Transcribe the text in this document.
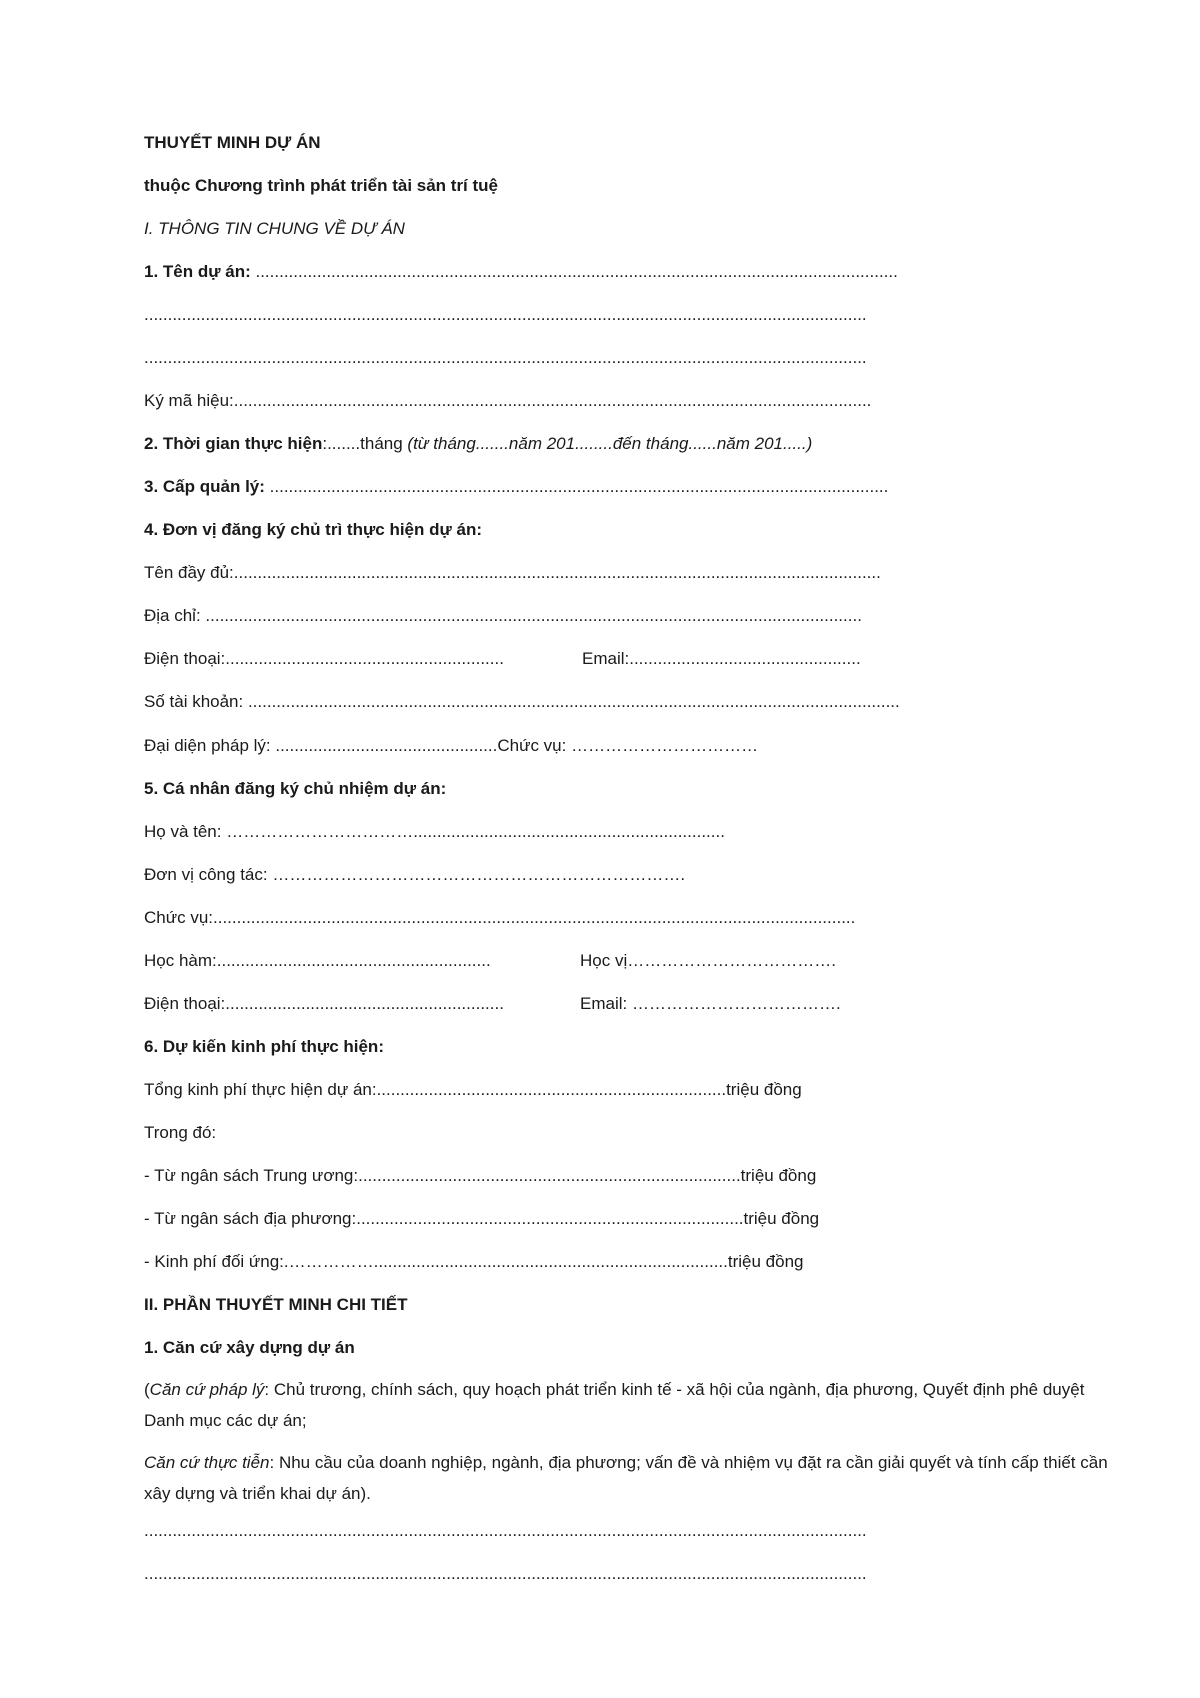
THUYẾT MINH DỰ ÁN
thuộc Chương trình phát triển tài sản trí tuệ
I. THÔNG TIN CHUNG VỀ DỰ ÁN
1. Tên dự án: ........................................................................................................................................
.........................................................................................................................................................
.........................................................................................................................................................
Ký mã hiệu:.......................................................................................................................................
2. Thời gian thực hiện:.......tháng (từ tháng.......năm 201........đến tháng......năm 201.....)
3. Cấp quản lý: ...................................................................................................................................
4. Đơn vị đăng ký chủ trì thực hiện dự án:
Tên đầy đủ:.........................................................................................................................................
Địa chỉ: ...........................................................................................................................................
Điện thoại:...........................................................	Email:.................................................
Số tài khoản: ..........................................................................................................................................
Đại diện pháp lý: ...............................................Chức vụ: ……………………………
5. Cá nhân đăng ký chủ nhiệm dự án:
Họ và tên: ……………………………..................................................................
Đơn vị công tác: ……………………………………………………………….
Chức vụ:........................................................................................................................................
Học hàm:..........................................................	Học vị……………………………….
Điện thoại:...........................................................	Email: ……………………………….
6. Dự kiến kinh phí thực hiện:
Tổng kinh phí thực hiện dự án:..........................................................................triệu đồng
Trong đó:
- Từ ngân sách Trung ương:.................................................................................triệu đồng
- Từ ngân sách địa phương:..................................................................................triệu đồng
- Kinh phí đối ứng:.……………...........................................................................triệu đồng
II. PHẦN THUYẾT MINH CHI TIẾT
1. Căn cứ xây dựng dự án
(Căn cứ pháp lý: Chủ trương, chính sách, quy hoạch phát triển kinh tế - xã hội của ngành, địa phương, Quyết định phê duyệt Danh mục các dự án;
Căn cứ thực tiễn: Nhu cầu của doanh nghiệp, ngành, địa phương; vấn đề và nhiệm vụ đặt ra cần giải quyết và tính cấp thiết cần xây dựng và triển khai dự án).
.........................................................................................................................................................
.........................................................................................................................................................
